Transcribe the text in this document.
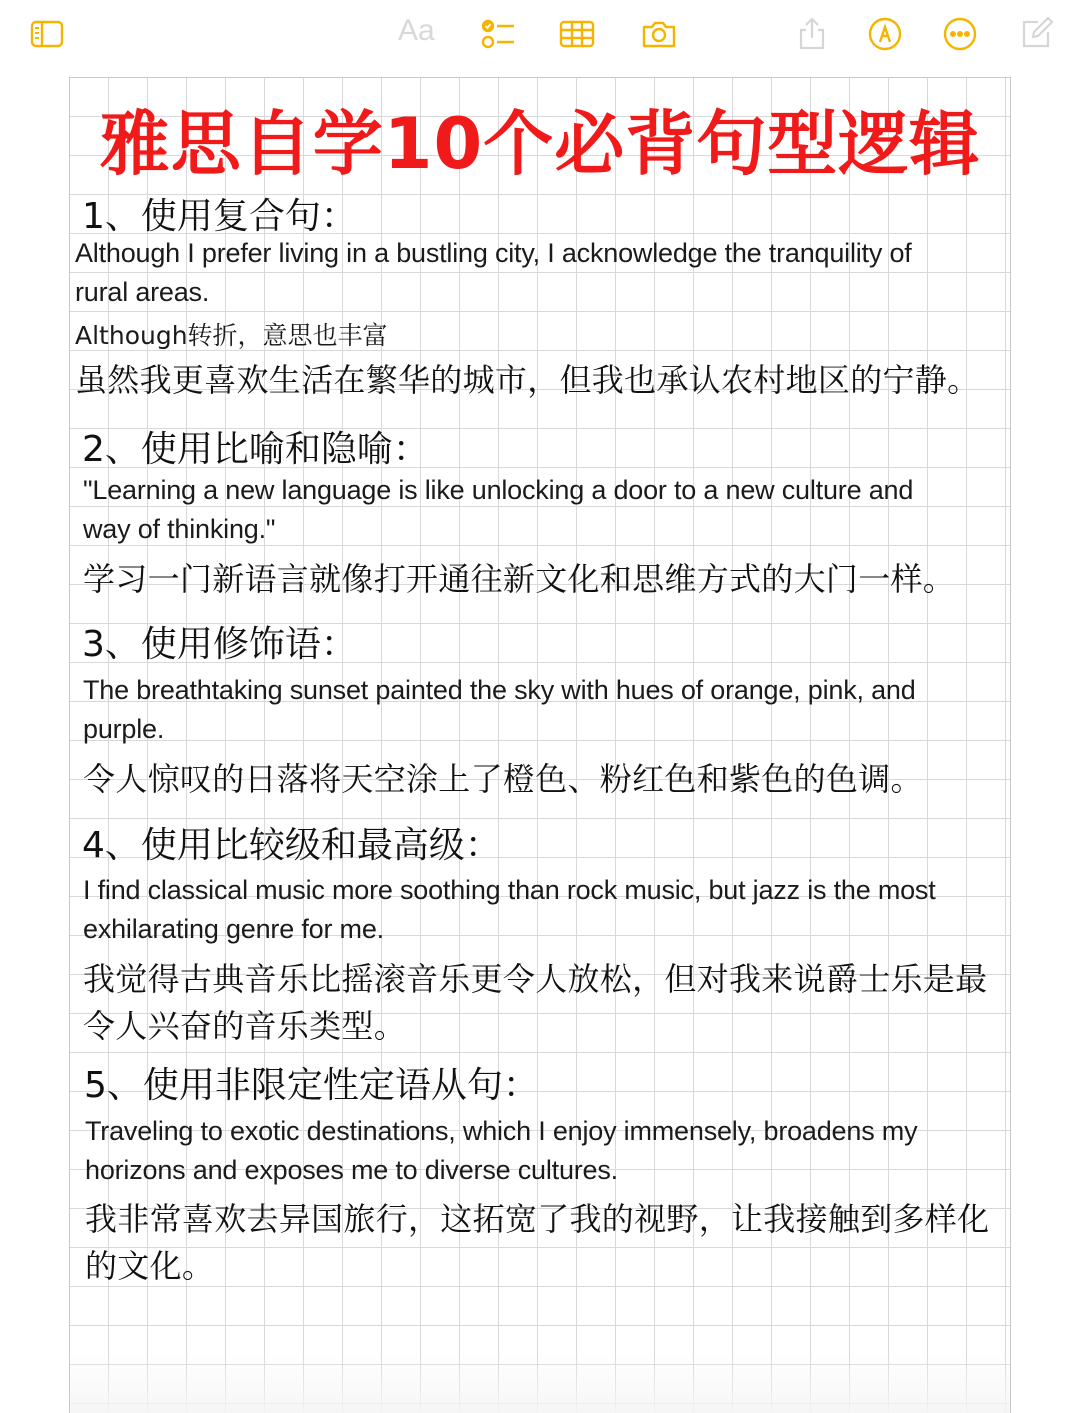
Aa
雅思自学10个必背句型逻辑
1、使用复合句：
Although I prefer living in a bustling city, I acknowledge the tranquility of
rural areas.
Although转折，意思也丰富
虽然我更喜欢生活在繁华的城市，但我也承认农村地区的宁静。
2、使用比喻和隐喻：
"Learning a new language is like unlocking a door to a new culture and
way of thinking."
学习一门新语言就像打开通往新文化和思维方式的大门一样。
3、使用修饰语：
The breathtaking sunset painted the sky with hues of orange, pink, and
purple.
令人惊叹的日落将天空涂上了橙色、粉红色和紫色的色调。
4、使用比较级和最高级：
I find classical music more soothing than rock music, but jazz is the most
exhilarating genre for me.
我觉得古典音乐比摇滚音乐更令人放松，但对我来说爵士乐是最
令人兴奋的音乐类型。
5、使用非限定性定语从句：
Traveling to exotic destinations, which I enjoy immensely, broadens my
horizons and exposes me to diverse cultures.
我非常喜欢去异国旅行，这拓宽了我的视野，让我接触到多样化
的文化。
